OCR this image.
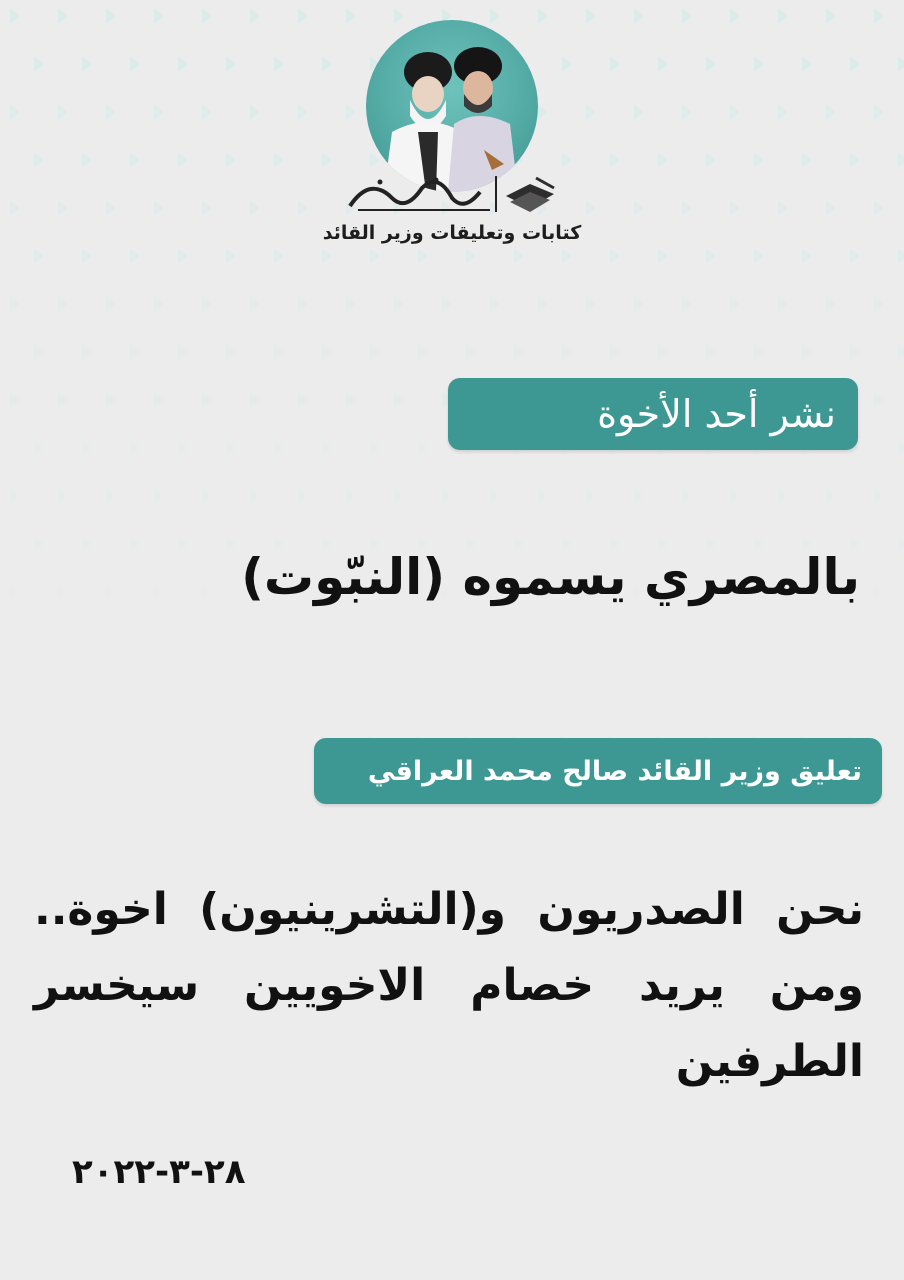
كتابات وتعليقات وزير القائد
نشر أحد الأخوة
بالمصري يسموه (النبّوت)
تعليق وزير القائد صالح محمد العراقي
نحن الصدريون و(التشرينيون) اخوة.. ومن يريد خصام الاخويين سيخسر الطرفين
٢٨-٣-٢٠٢٢
